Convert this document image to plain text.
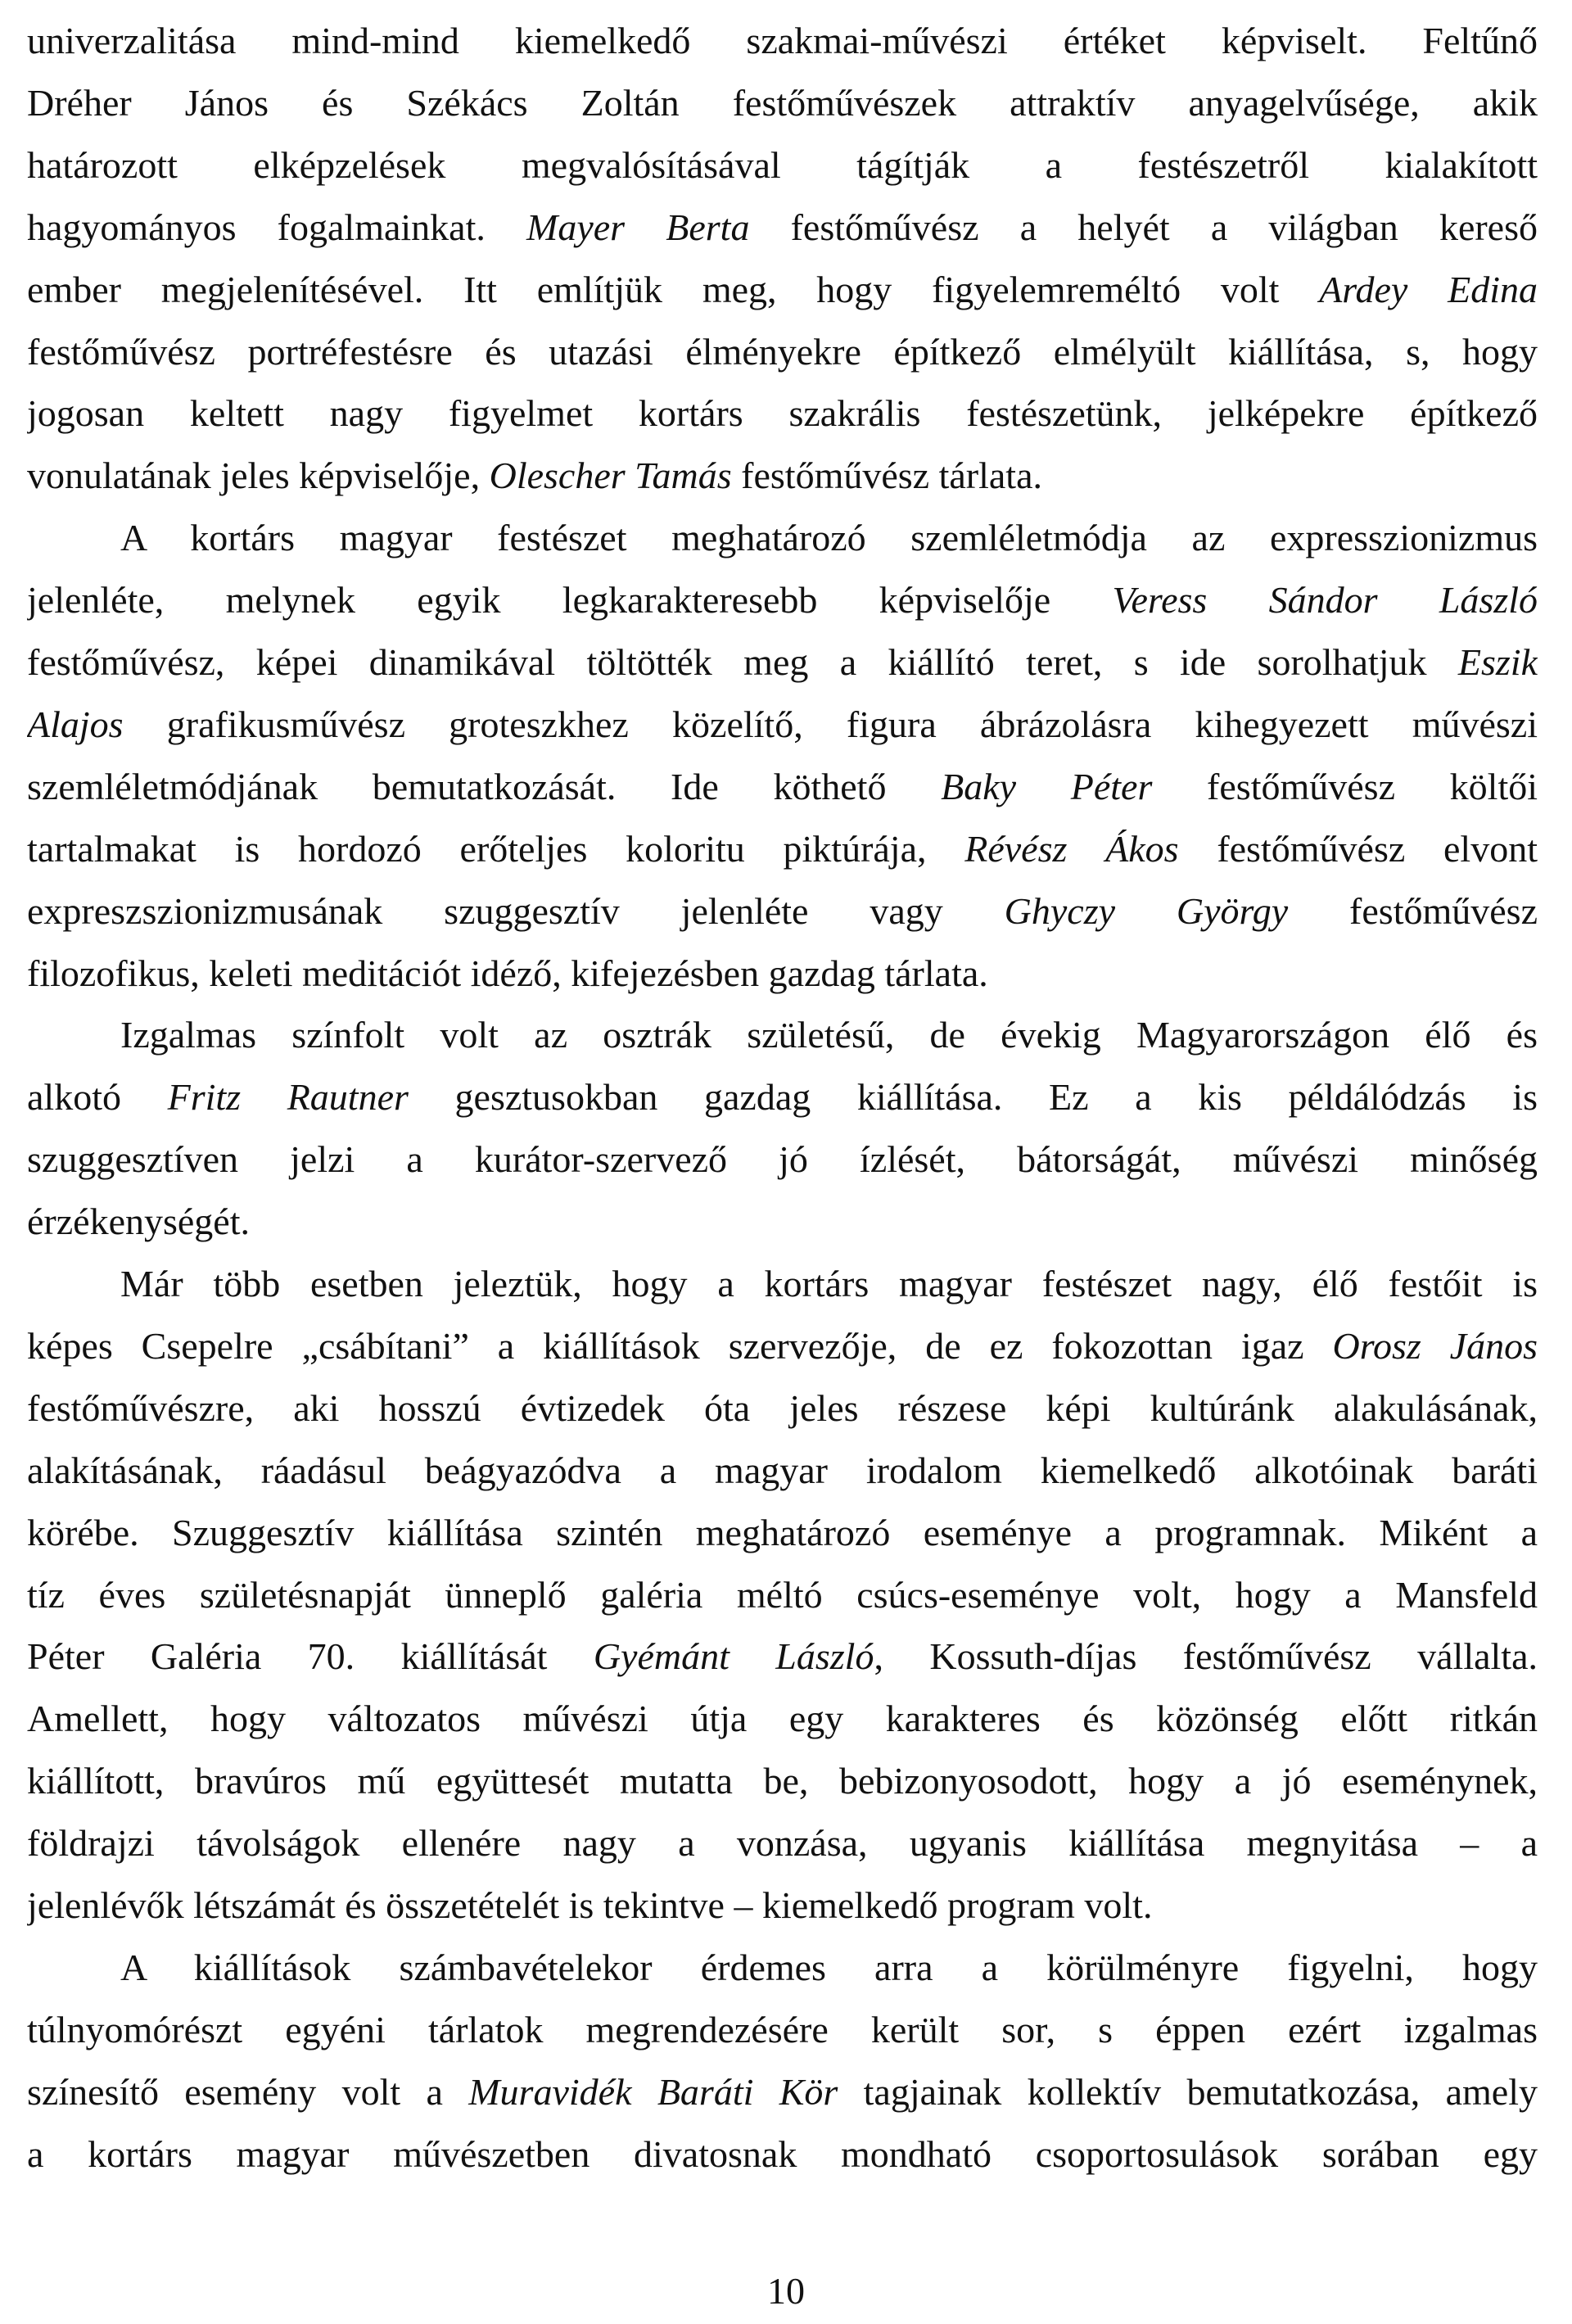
univerzalitása mind-mind kiemelkedő szakmai-művészi értéket képviselt. Feltűnő
Dréher János és Székács Zoltán festőművészek attraktív anyagelvűsége, akik
határozott elképzelések megvalósításával tágítják a festészetről kialakított
hagyományos fogalmainkat. Mayer Berta festőművész a helyét a világban kereső
ember megjelenítésével. Itt említjük meg, hogy figyelemreméltó volt Ardey Edina
festőművész portréfestésre és utazási élményekre építkező elmélyült kiállítása, s, hogy
jogosan keltett nagy figyelmet kortárs szakrális festészetünk, jelképekre építkező
vonulatának jeles képviselője, Olescher Tamás festőművész tárlata.
A kortárs magyar festészet meghatározó szemléletmódja az expresszionizmus
jelenléte, melynek egyik legkarakteresebb képviselője Veress Sándor László
festőművész, képei dinamikával töltötték meg a kiállító teret, s ide sorolhatjuk Eszik
Alajos grafikusművész groteszkhez közelítő, figura ábrázolásra kihegyezett művészi
szemléletmódjának bemutatkozását. Ide köthető Baky Péter festőművész költői
tartalmakat is hordozó erőteljes koloritu piktúrája, Révész Ákos festőművész elvont
expreszszionizmusának szuggesztív jelenléte vagy Ghyczy György festőművész
filozofikus, keleti meditációt idéző, kifejezésben gazdag tárlata.
Izgalmas színfolt volt az osztrák születésű, de évekig Magyarországon élő és
alkotó Fritz Rautner gesztusokban gazdag kiállítása. Ez a kis példálódzás is
szuggesztíven jelzi a kurátor-szervező jó ízlését, bátorságát, művészi minőség
érzékenységét.
Már több esetben jeleztük, hogy a kortárs magyar festészet nagy, élő festőit is
képes Csepelre „csábítani” a kiállítások szervezője, de ez fokozottan igaz Orosz János
festőművészre, aki hosszú évtizedek óta jeles részese képi kultúránk alakulásának,
alakításának, ráadásul beágyazódva a magyar irodalom kiemelkedő alkotóinak baráti
körébe. Szuggesztív kiállítása szintén meghatározó eseménye a programnak. Miként a
tíz éves születésnapját ünneplő galéria méltó csúcs-eseménye volt, hogy a Mansfeld
Péter Galéria 70. kiállítását Gyémánt László, Kossuth-díjas festőművész vállalta.
Amellett, hogy változatos művészi útja egy karakteres és közönség előtt ritkán
kiállított, bravúros mű együttesét mutatta be, bebizonyosodott, hogy a jó eseménynek,
földrajzi távolságok ellenére nagy a vonzása, ugyanis kiállítása megnyitása – a
jelenlévők létszámát és összetételét is tekintve – kiemelkedő program volt.
A kiállítások számbavételekor érdemes arra a körülményre figyelni, hogy
túlnyomórészt egyéni tárlatok megrendezésére került sor, s éppen ezért izgalmas
színesítő esemény volt a Muravidék Baráti Kör tagjainak kollektív bemutatkozása, amely
a kortárs magyar művészetben divatosnak mondható csoportosulások sorában egy
10
